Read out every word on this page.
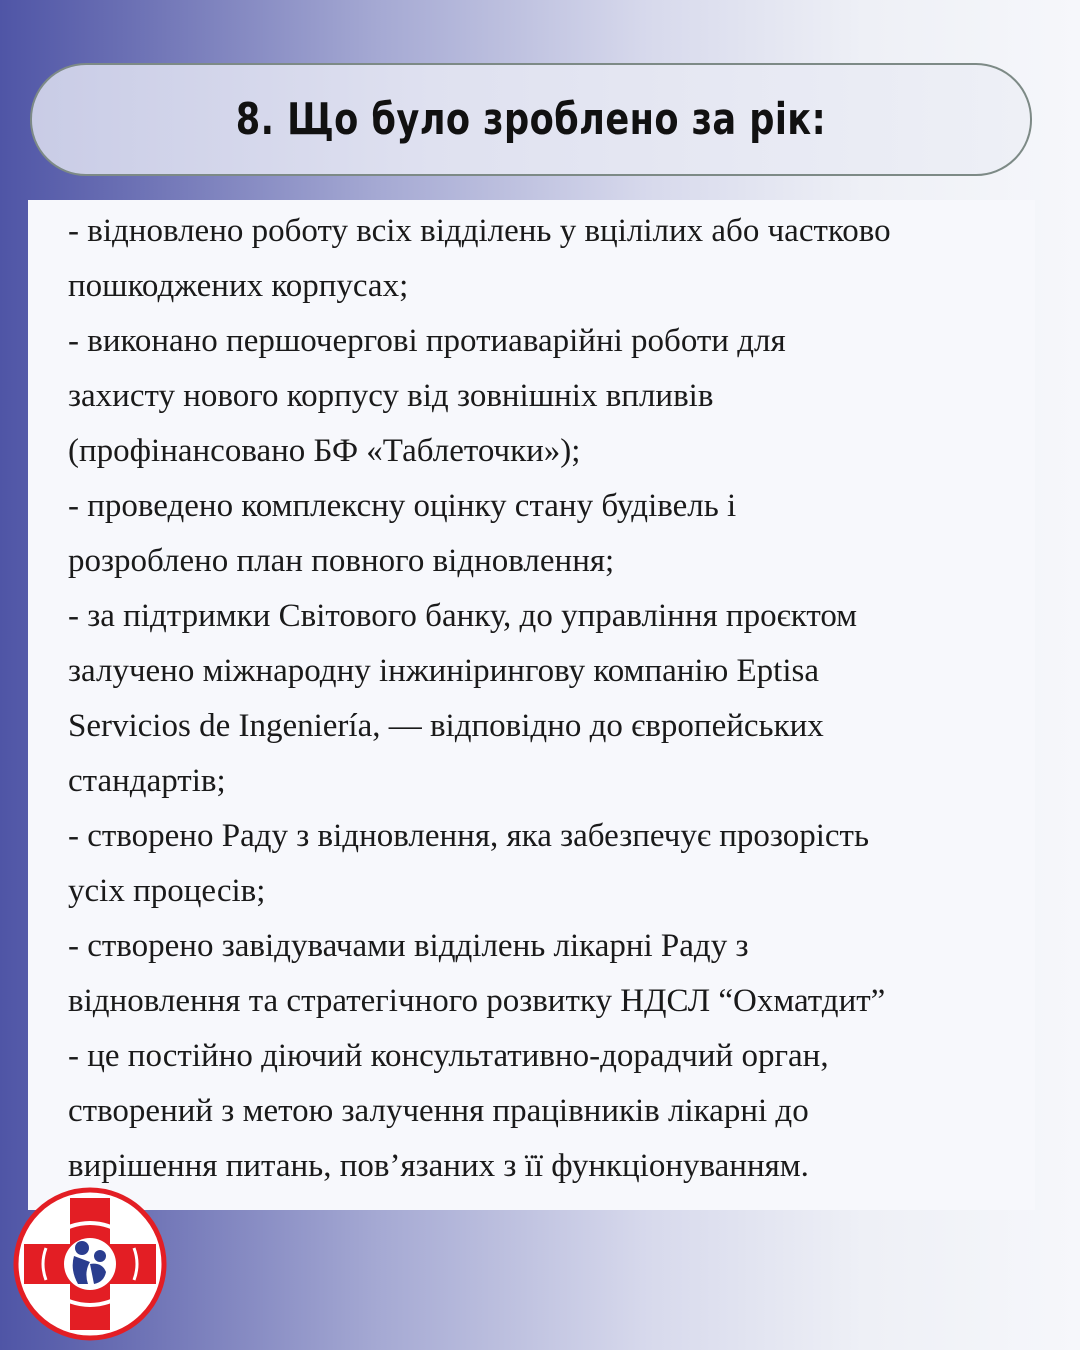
8. Що було зроблено за рік:
- відновлено роботу всіх відділень у вцілілих або частково
пошкоджених корпусах;
- виконано першочергові протиаварійні роботи для
захисту нового корпусу від зовнішніх впливів
(профінансовано БФ «Таблеточки»);
- проведено комплексну оцінку стану будівель і
розроблено план повного відновлення;
- за підтримки Світового банку, до управління проєктом
залучено міжнародну інжинірингову компанію Eptisa
Servicios de Ingeniería, — відповідно до європейських
стандартів;
- створено Раду з відновлення, яка забезпечує прозорість
усіх процесів;
- створено завідувачами відділень лікарні Раду з
відновлення та стратегічного розвитку НДСЛ “Охматдит”
- це постійно діючий консультативно-дорадчий орган,
створений з метою залучення працівників лікарні до
вирішення питань, пов’язаних з її функціонуванням.
